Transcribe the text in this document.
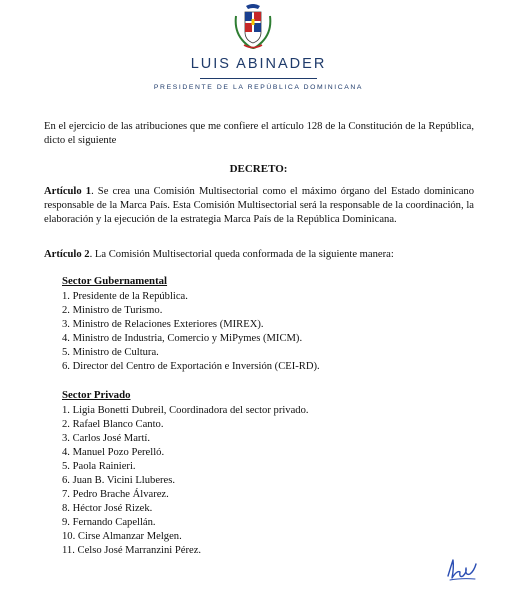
LUIS ABINADER
PRESIDENTE DE LA REPÚBLICA DOMINICANA
En el ejercicio de las atribuciones que me confiere el artículo 128 de la Constitución de la República, dicto el siguiente
DECRETO:
Artículo 1. Se crea una Comisión Multisectorial como el máximo órgano del Estado dominicano responsable de la Marca País. Esta Comisión Multisectorial será la responsable de la coordinación, la elaboración y la ejecución de la estrategia Marca País de la República Dominicana.
Artículo 2. La Comisión Multisectorial queda conformada de la siguiente manera:
Sector Gubernamental
1. Presidente de la República.
2. Ministro de Turismo.
3. Ministro de Relaciones Exteriores (MIREX).
4. Ministro de Industria, Comercio y MiPymes (MICM).
5. Ministro de Cultura.
6. Director del Centro de Exportación e Inversión (CEI-RD).
Sector Privado
1. Ligia Bonetti Dubreil, Coordinadora del sector privado.
2. Rafael Blanco Canto.
3. Carlos José Martí.
4. Manuel Pozo Perelló.
5. Paola Rainieri.
6. Juan B. Vicini Lluberes.
7. Pedro Brache Álvarez.
8. Héctor José Rizek.
9. Fernando Capellán.
10. Cirse Almanzar Melgen.
11. Celso José Marranzini Pérez.
